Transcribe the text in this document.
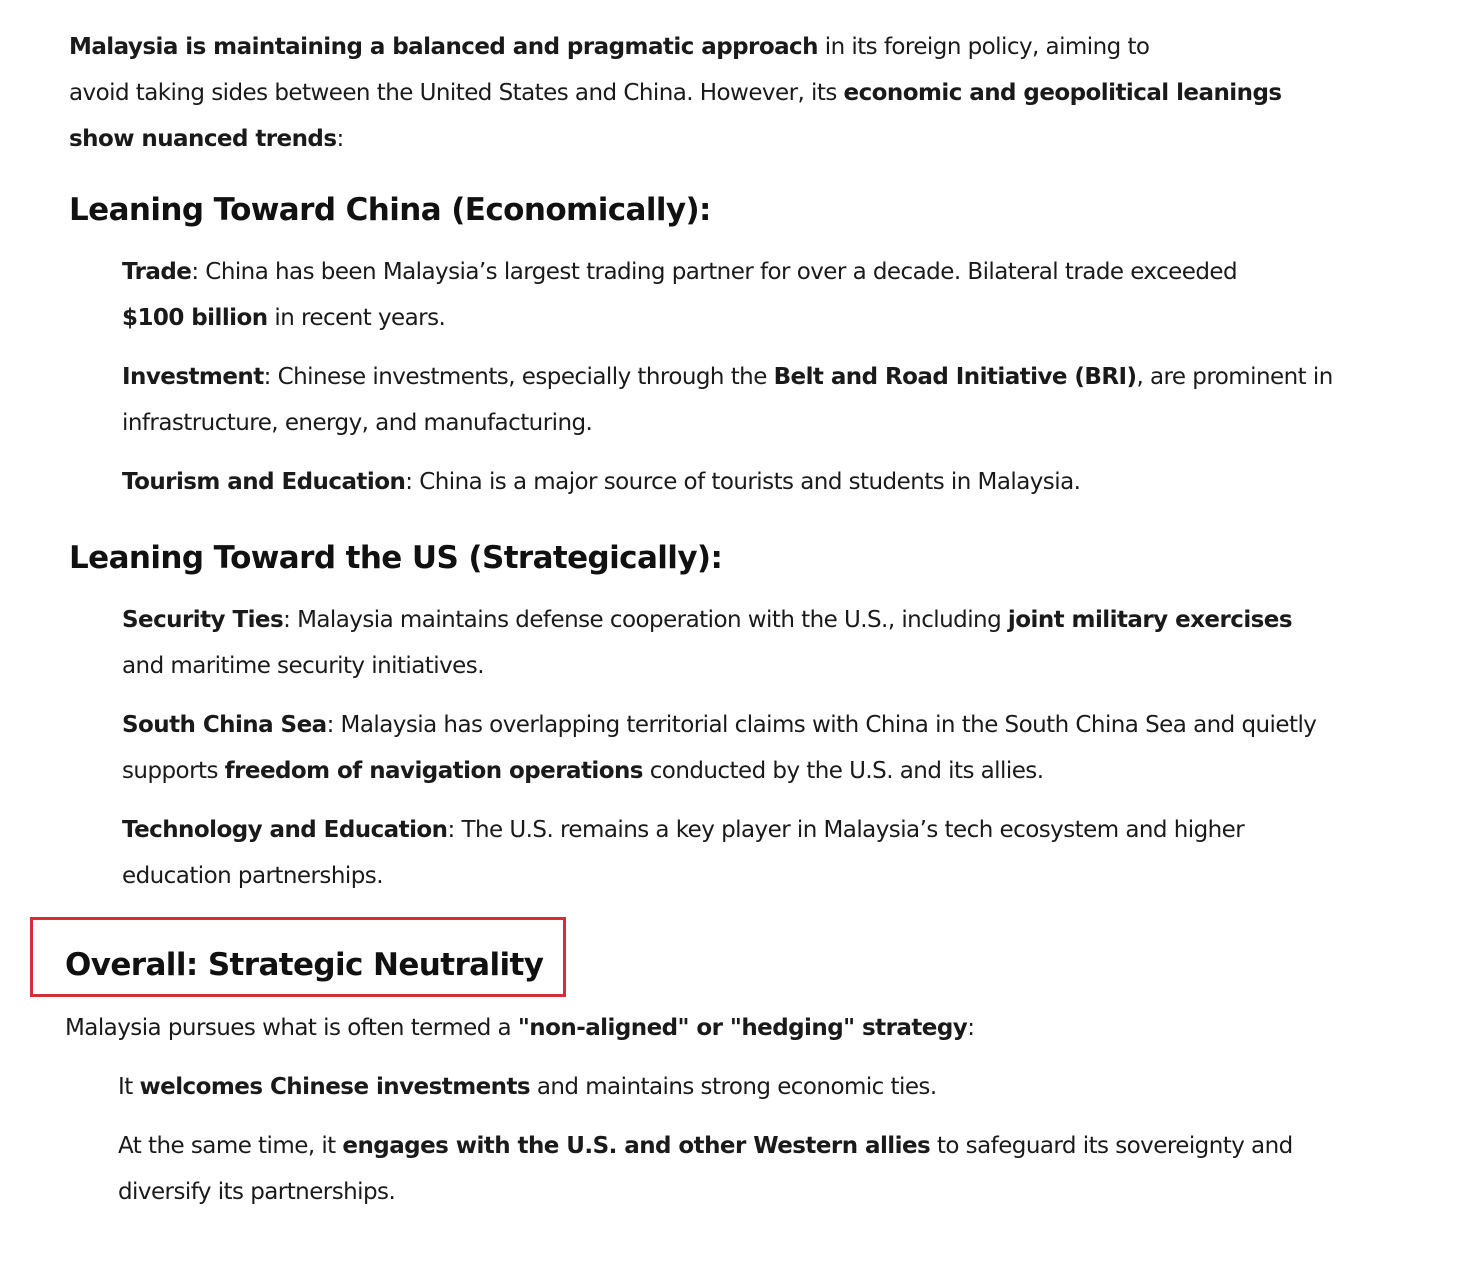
Malaysia is maintaining a balanced and pragmatic approach in its foreign policy, aiming to
avoid taking sides between the United States and China. However, its economic and geopolitical leanings
show nuanced trends:

Leaning Toward China (Economically):
Trade: China has been Malaysia’s largest trading partner for over a decade. Bilateral trade exceeded
$100 billion in recent years.
Investment: Chinese investments, especially through the Belt and Road Initiative (BRI), are prominent in infrastructure, energy, and manufacturing.
Tourism and Education: China is a major source of tourists and students in Malaysia.
Leaning Toward the US (Strategically):
Security Ties: Malaysia maintains defense cooperation with the U.S., including joint military exercises
and maritime security initiatives.
South China Sea: Malaysia has overlapping territorial claims with China in the South China Sea and quietly supports freedom of navigation operations conducted by the U.S. and its allies.
Technology and Education: The U.S. remains a key player in Malaysia’s tech ecosystem and higher education partnerships.
Overall: Strategic Neutrality

Malaysia pursues what is often termed a "non-aligned" or "hedging" strategy:

It welcomes Chinese investments and maintains strong economic ties.
At the same time, it engages with the U.S. and other Western allies to safeguard its sovereignty and diversify its partnerships.
